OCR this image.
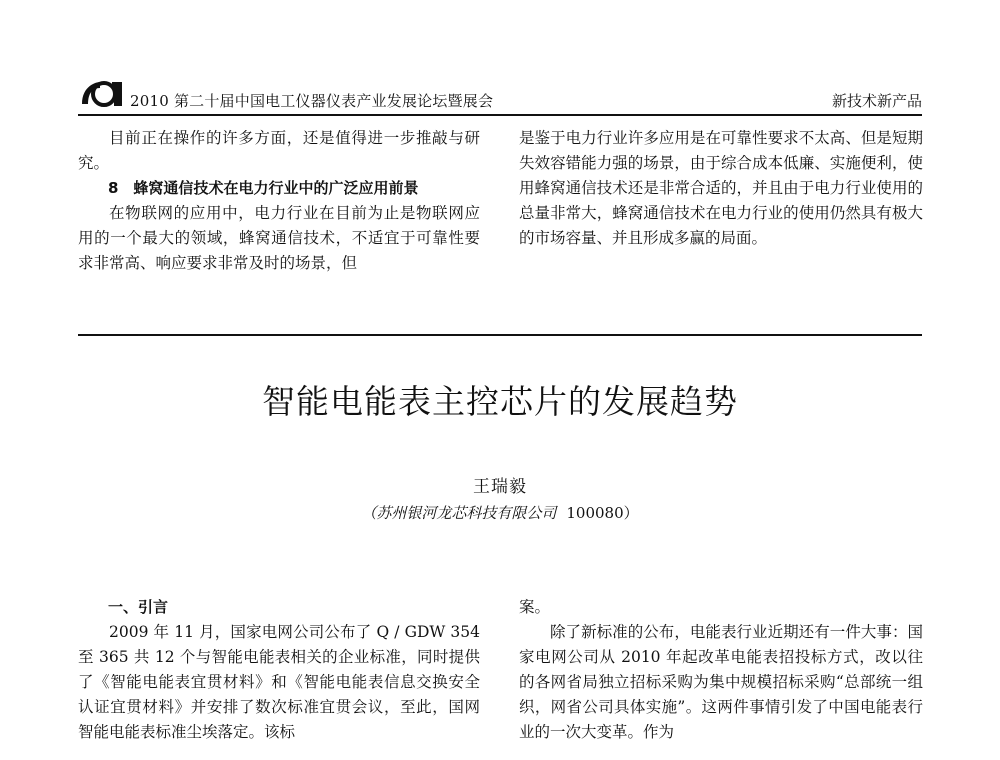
2010 第二十届中国电工仪器仪表产业发展论坛暨展会	新技术新产品

目前正在操作的许多方面，还是值得进一步推敲与研究。

8　蜂窝通信技术在电力行业中的广泛应用前景

在物联网的应用中，电力行业在目前为止是物联网应用的一个最大的领域，蜂窝通信技术，不适宜于可靠性要求非常高、响应要求非常及时的场景，但

是鉴于电力行业许多应用是在可靠性要求不太高、但是短期失效容错能力强的场景，由于综合成本低廉、实施便利，使用蜂窝通信技术还是非常合适的，并且由于电力行业使用的总量非常大，蜂窝通信技术在电力行业的使用仍然具有极大的市场容量、并且形成多赢的局面。

智能电能表主控芯片的发展趋势
王瑞毅
（苏州银河龙芯科技有限公司 100080）

一、引言

2009 年 11 月，国家电网公司公布了 Q / GDW 354 至 365 共 12 个与智能电能表相关的企业标准，同时提供了《智能电能表宜贯材料》和《智能电能表信息交换安全认证宜贯材料》并安排了数次标准宜贯会议，至此，国网智能电能表标准尘埃落定。该标

案。

除了新标准的公布，电能表行业近期还有一件大事：国家电网公司从 2010 年起改革电能表招投标方式，改以往的各网省局独立招标采购为集中规模招标采购“总部统一组织，网省公司具体实施”。这两件事情引发了中国电能表行业的一次大变革。作为
